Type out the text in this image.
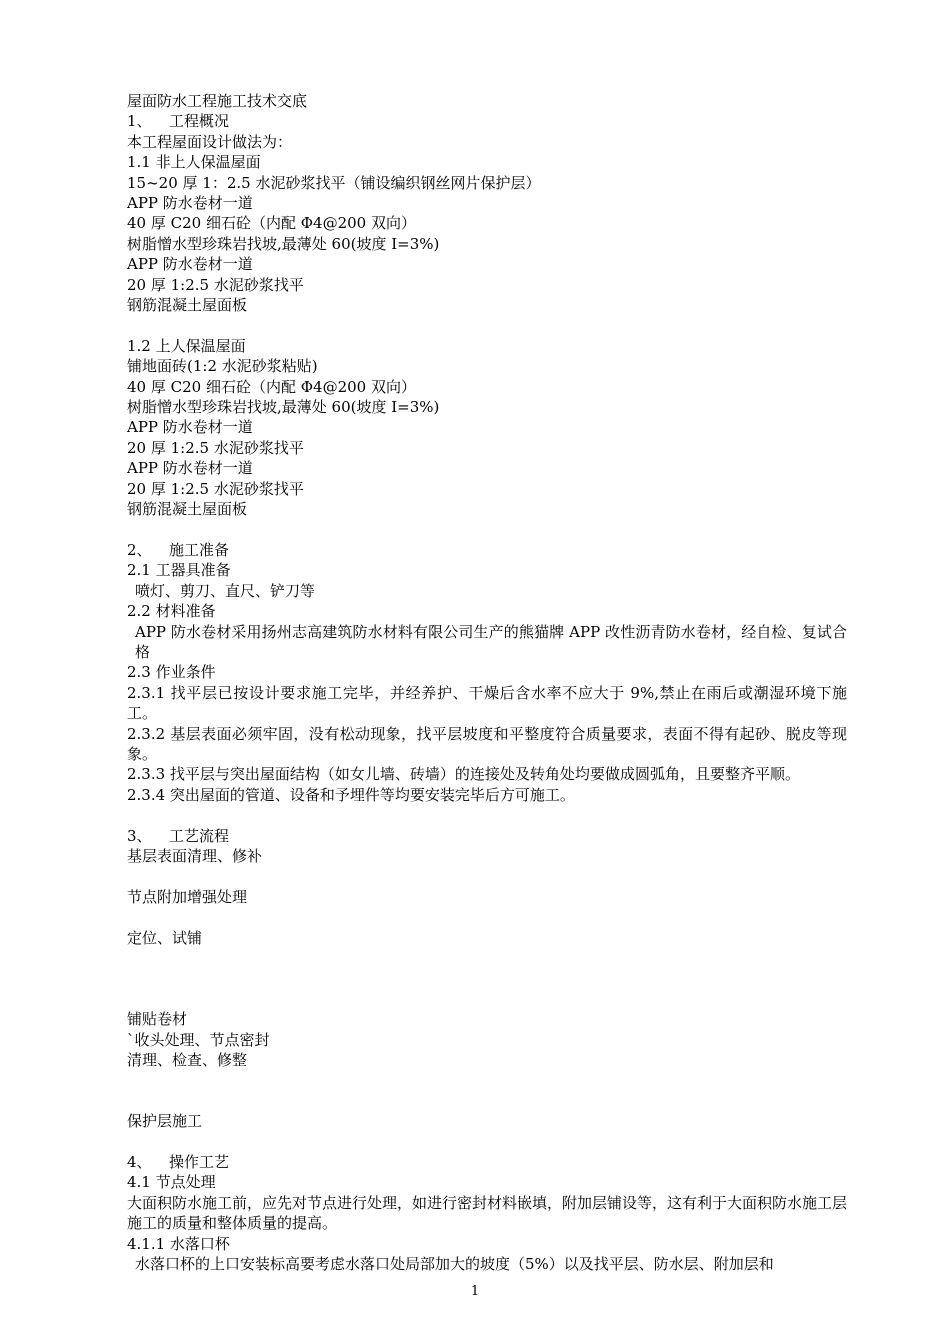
屋面防水工程施工技术交底
1、 工程概况
本工程屋面设计做法为：
1.1 非上人保温屋面
15~20 厚 1：2.5 水泥砂浆找平（铺设编织钢丝网片保护层）
APP 防水卷材一道
40 厚 C20 细石砼（内配 Φ4@200 双向）
树脂憎水型珍珠岩找坡,最薄处 60(坡度 I=3%)
APP 防水卷材一道
20 厚 1:2.5 水泥砂浆找平
钢筋混凝土屋面板
1.2 上人保温屋面
铺地面砖(1:2 水泥砂浆粘贴)
40 厚 C20 细石砼（内配 Φ4@200 双向）
树脂憎水型珍珠岩找坡,最薄处 60(坡度 I=3%)
APP 防水卷材一道
20 厚 1:2.5 水泥砂浆找平
APP 防水卷材一道
20 厚 1:2.5 水泥砂浆找平
钢筋混凝土屋面板
2、 施工准备
2.1 工器具准备
喷灯、剪刀、直尺、铲刀等
2.2 材料准备
APP 防水卷材采用扬州志高建筑防水材料有限公司生产的熊猫牌 APP 改性沥青防水卷材，经自检、复试合格
2.3 作业条件
2.3.1 找平层已按设计要求施工完毕，并经养护、干燥后含水率不应大于 9%,禁止在雨后或潮湿环境下施工。
2.3.2 基层表面必须牢固，没有松动现象，找平层坡度和平整度符合质量要求，表面不得有起砂、脱皮等现象。
2.3.3 找平层与突出屋面结构（如女儿墙、砖墙）的连接处及转角处均要做成圆弧角，且要整齐平顺。
2.3.4 突出屋面的管道、设备和予埋件等均要安装完毕后方可施工。
3、 工艺流程
基层表面清理、修补
节点附加增强处理
定位、试铺
铺贴卷材
`收头处理、节点密封
清理、检查、修整
保护层施工
4、 操作工艺
4.1 节点处理
大面积防水施工前，应先对节点进行处理，如进行密封材料嵌填，附加层铺设等，这有利于大面积防水施工层施工的质量和整体质量的提高。
4.1.1 水落口杯
水落口杯的上口安装标高要考虑水落口处局部加大的坡度（5%）以及找平层、防水层、附加层和
1
